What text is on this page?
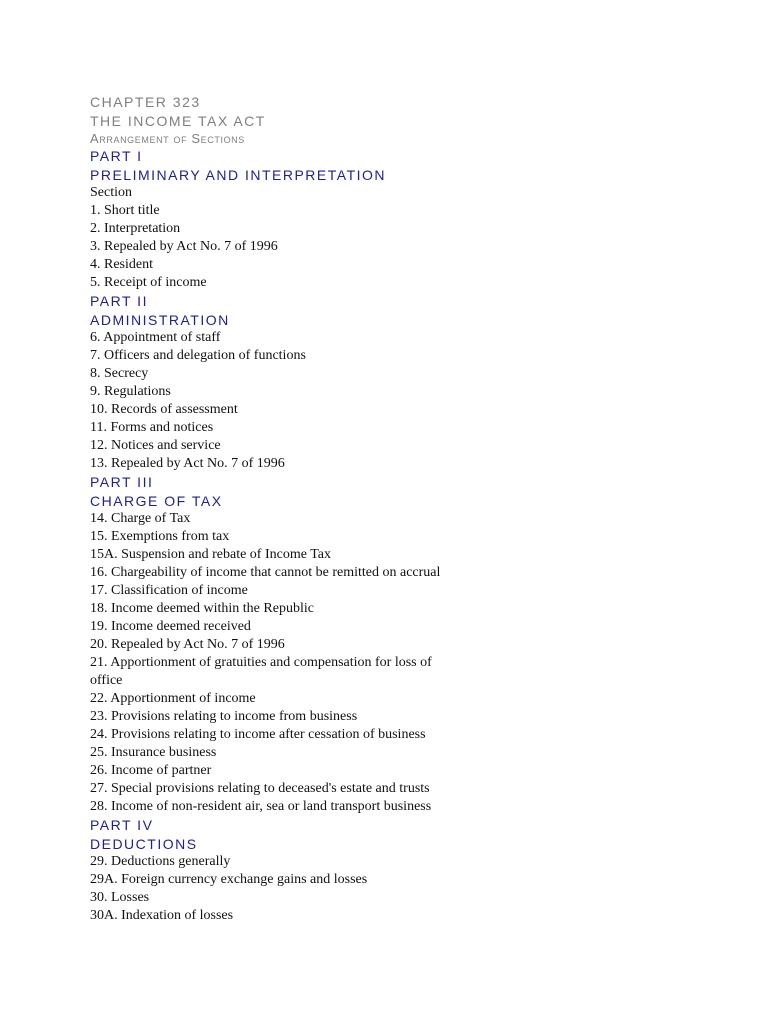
CHAPTER 323
THE INCOME TAX ACT
Arrangement of Sections
PART I
PRELIMINARY AND INTERPRETATION
Section
1. Short title
2. Interpretation
3. Repealed by Act No. 7 of 1996
4. Resident
5. Receipt of income
PART II
ADMINISTRATION
6. Appointment of staff
7. Officers and delegation of functions
8. Secrecy
9. Regulations
10. Records of assessment
11. Forms and notices
12. Notices and service
13. Repealed by Act No. 7 of 1996
PART III
CHARGE OF TAX
14. Charge of Tax
15. Exemptions from tax
15A. Suspension and rebate of Income Tax
16. Chargeability of income that cannot be remitted on accrual
17. Classification of income
18. Income deemed within the Republic
19. Income deemed received
20. Repealed by Act No. 7 of 1996
21. Apportionment of gratuities and compensation for loss of
office
22. Apportionment of income
23. Provisions relating to income from business
24. Provisions relating to income after cessation of business
25. Insurance business
26. Income of partner
27. Special provisions relating to deceased's estate and trusts
28. Income of non-resident air, sea or land transport business
PART IV
DEDUCTIONS
29. Deductions generally
29A. Foreign currency exchange gains and losses
30. Losses
30A. Indexation of losses
